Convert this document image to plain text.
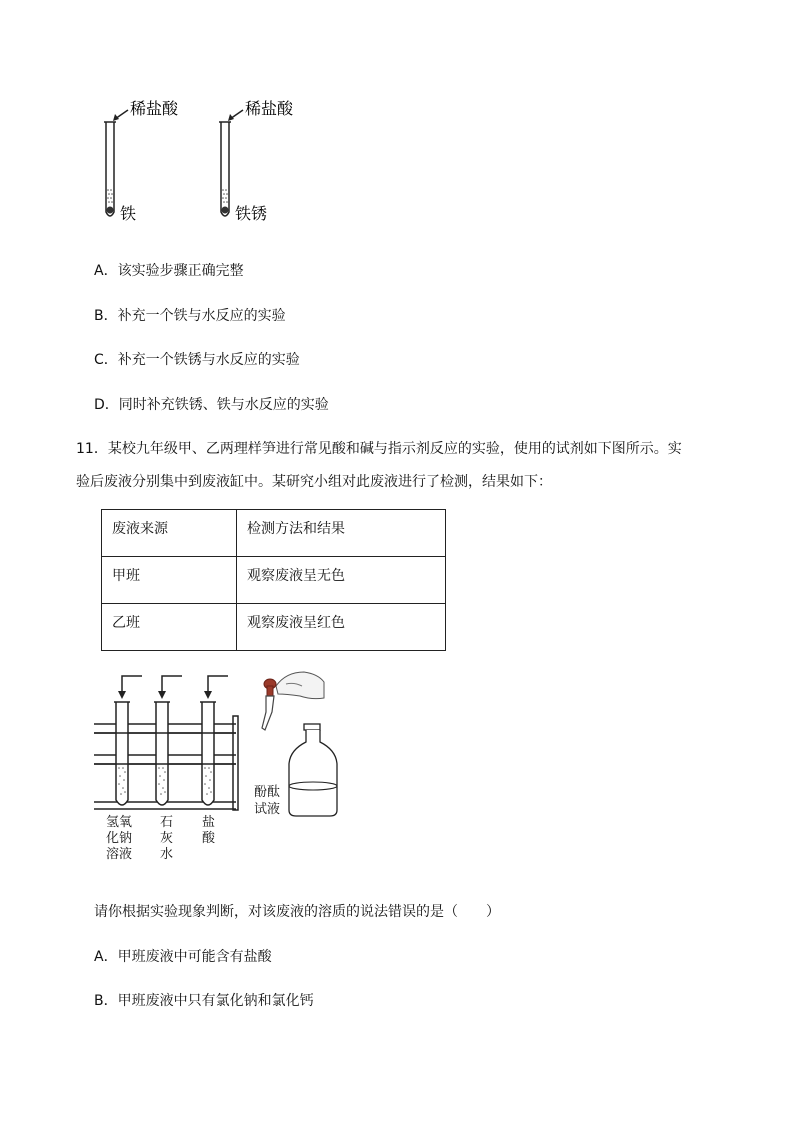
稀盐酸
铁
稀盐酸
铁锈
A．该实验步骤正确完整
B．补充一个铁与水反应的实验
C．补充一个铁锈与水反应的实验
D．同时补充铁锈、铁与水反应的实验
11．某校九年级甲、乙两理样笋进行常见酸和碱与指示剂反应的实验，使用的试剂如下图所示。实
验后废液分别集中到废液缸中。某研究小组对此废液进行了检测，结果如下：
废液来源	检测方法和结果

甲班	观察废液呈无色

乙班	观察废液呈红色
氢氧
化钠
溶液
石
灰
水
盐
酸
酚酞
试液
请你根据实验现象判断，对该废液的溶质的说法错误的是（　　）
A．甲班废液中可能含有盐酸
B．甲班废液中只有氯化钠和氯化钙
